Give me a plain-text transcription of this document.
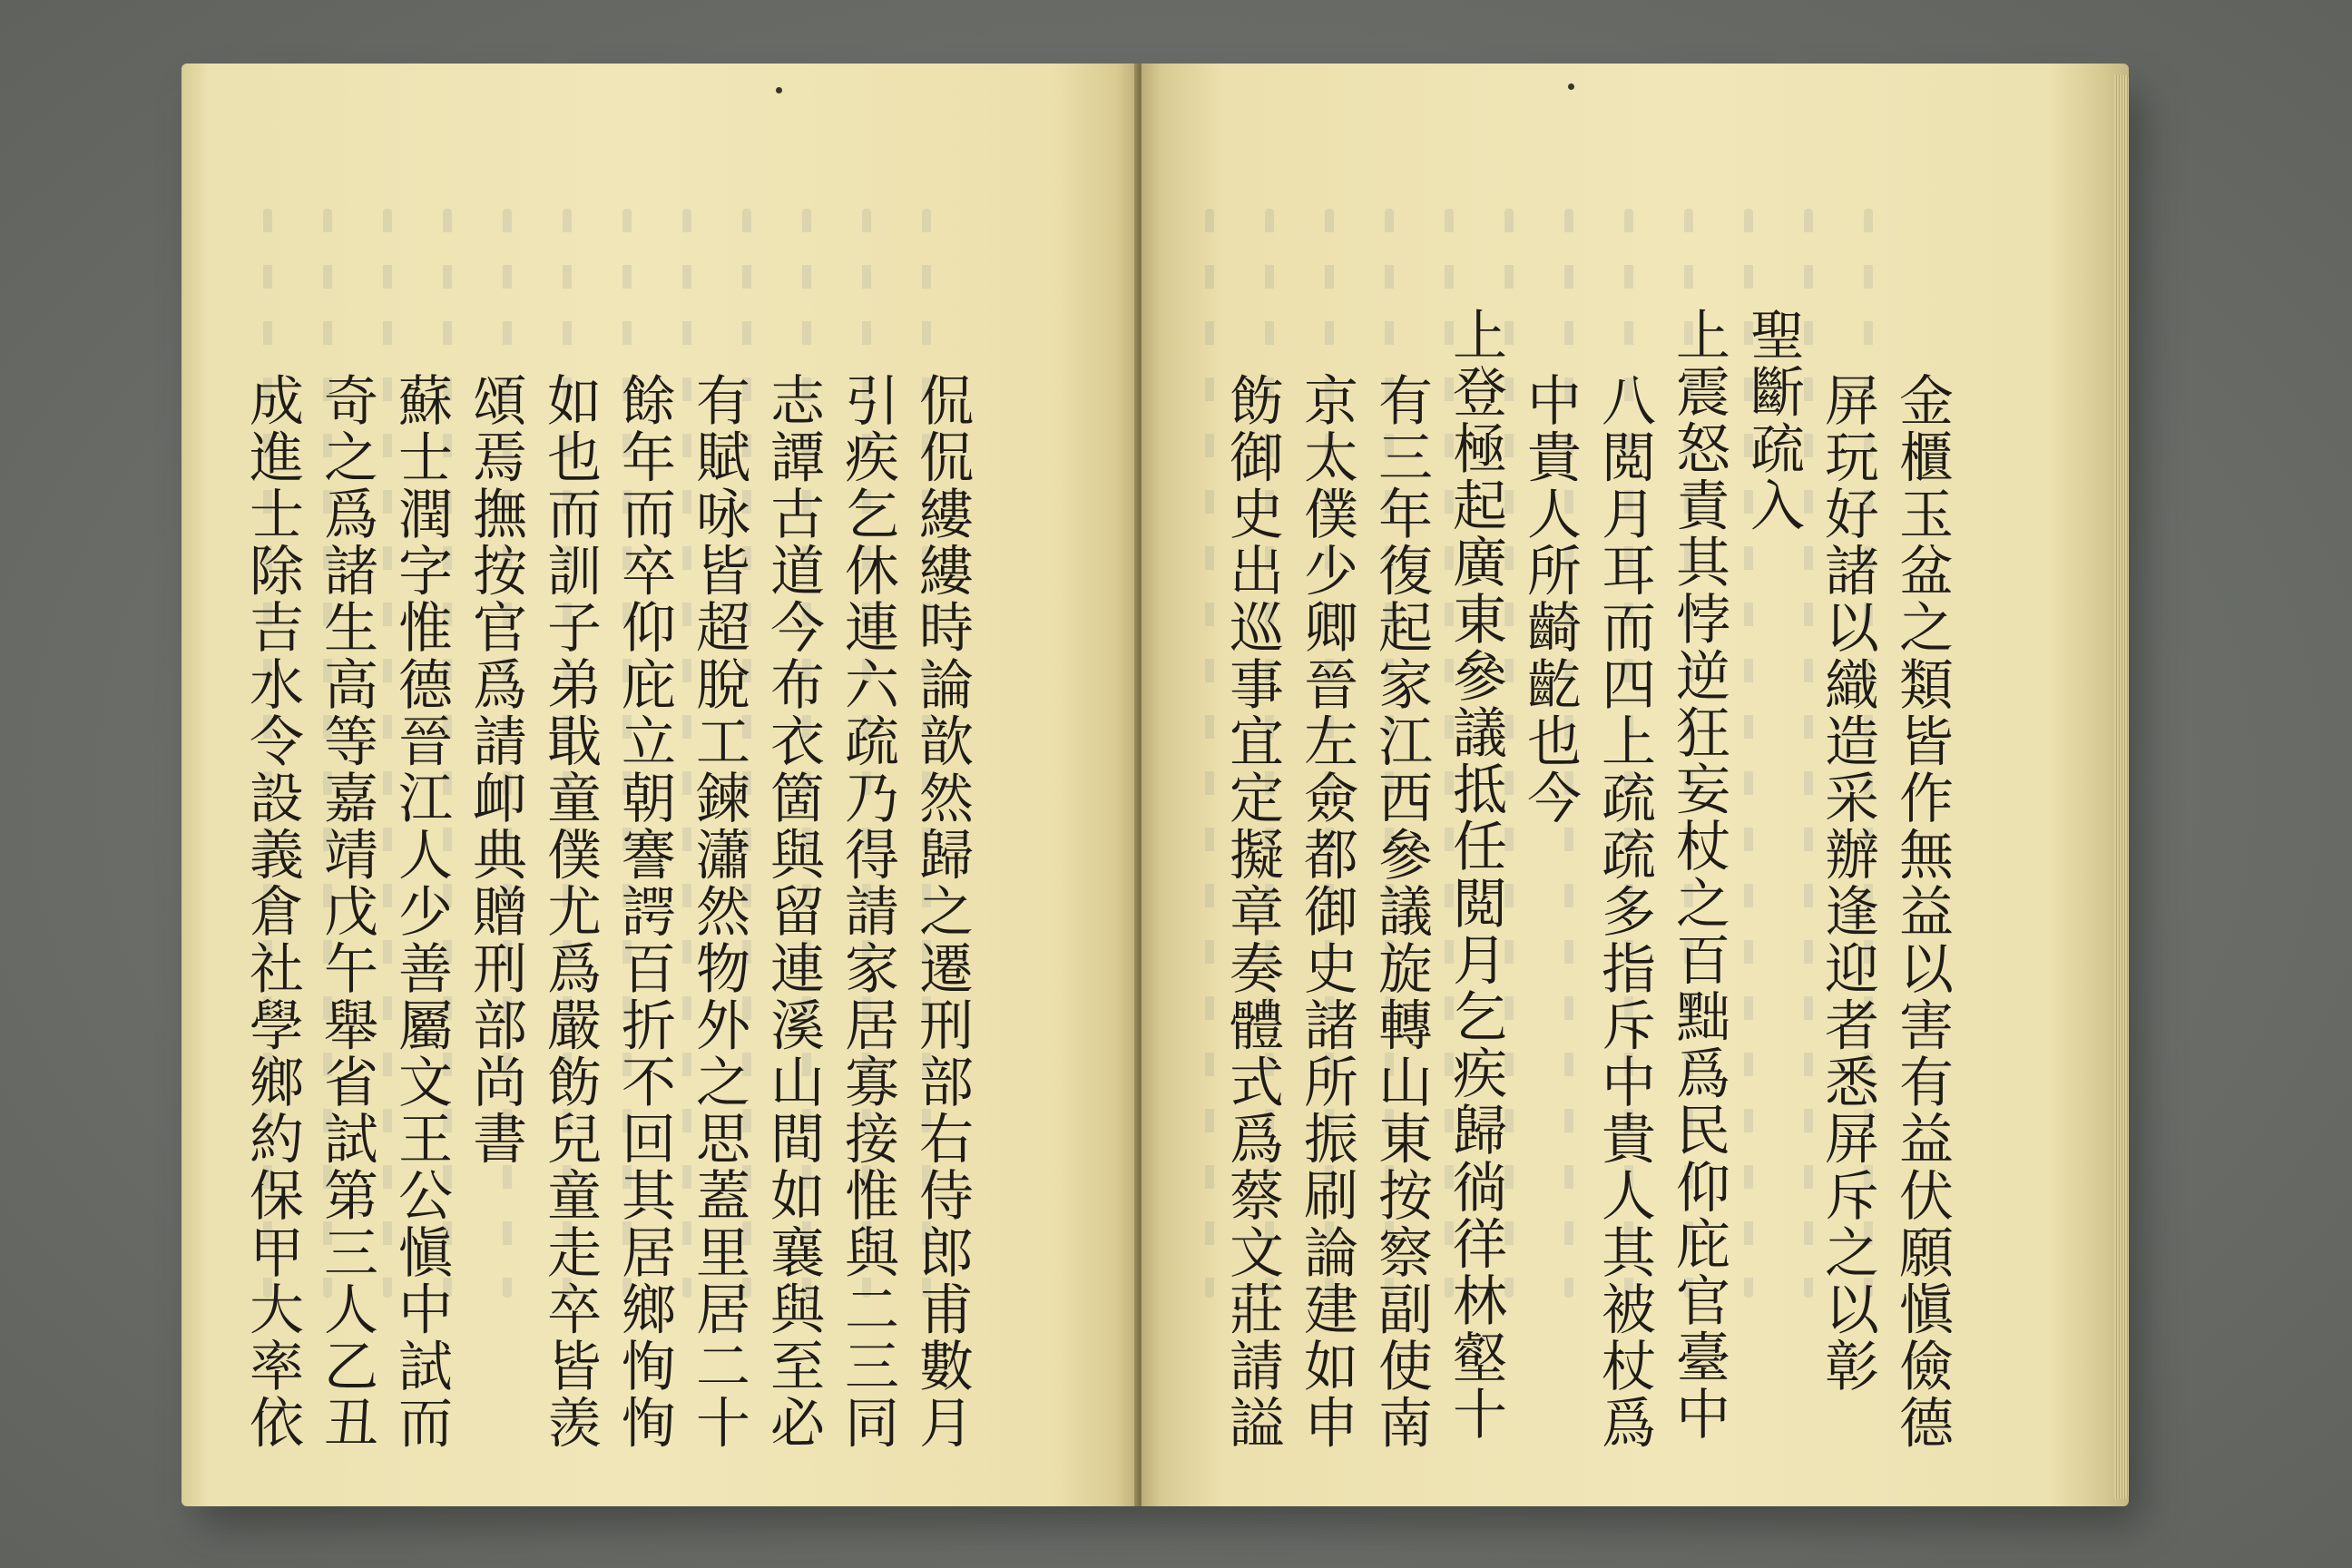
侃侃縷縷時論歆然歸之遷刑部右侍郎甫數月
引疾乞休連六疏乃得請家居寡接惟與二三同
志譚古道今布衣箇與留連溪山間如襄與至必
有賦咏皆超脫工鍊瀟然物外之思蓋里居二十
餘年而卒仰庇立朝謇諤百折不回其居鄉恂恂
如也而訓子弟戢童僕尤爲嚴飭兒童走卒皆羡
頌焉撫按官爲請卹典贈刑部尚書
蘇士潤字惟德晉江人少善屬文王公愼中試而
奇之爲諸生高等嘉靖戊午舉省試第三人乙丑
成進士除吉水令設義倉社學鄉約保甲大率依	金櫃玉盆之類皆作無益以害有益伏願愼儉德
屏玩好諸以織造采辦逢迎者悉屏斥之以彰
聖斷疏入
上震怒責其悖逆狂妄杖之百黜爲民仰庇官臺中
八閲月耳而四上疏疏多指斥中貴人其被杖爲
中貴人所齮齕也今
上登極起廣東參議抵任閲月乞疾歸徜徉林壑十
有三年復起家江西參議旋轉山東按察副使南
京太僕少卿晉左僉都御史諸所振刷論建如申
飭御史出巡事宜定擬章奏體式爲蔡文莊請謚
